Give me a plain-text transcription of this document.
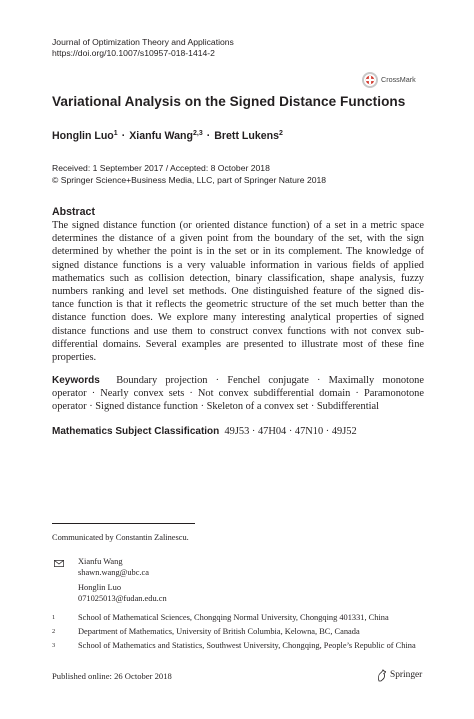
Journal of Optimization Theory and Applications
https://doi.org/10.1007/s10957-018-1414-2
CrossMark
Variational Analysis on the Signed Distance Functions
Honglin Luo$^1$ · Xianfu Wang$^{2,3}$ · Brett Lukens$^2$
Received: 1 September 2017 / Accepted: 8 October 2018
© Springer Science+Business Media, LLC, part of Springer Nature 2018
Abstract
The signed distance function (or oriented distance function) of a set in a metric space
determines the distance of a given point from the boundary of the set, with the sign
determined by whether the point is in the set or in its complement. The knowledge of
signed distance functions is a very valuable information in various fields of applied
mathematics such as collision detection, binary classification, shape analysis, fuzzy
numbers ranking and level set methods. One distinguished feature of the signed dis-
tance function is that it reflects the geometric structure of the set much better than the
distance function does. We explore many interesting analytical properties of signed
distance functions and use them to construct convex functions with not convex sub-
differential domains. Several examples are presented to illustrate most of these fine
properties.
Keywords Boundary projection · Fenchel conjugate · Maximally monotone
operator · Nearly convex sets · Not convex subdifferential domain · Paramonotone
operator · Signed distance function · Skeleton of a convex set · Subdifferential
Mathematics Subject Classification 49J53 · 47H04 · 47N10 · 49J52
Communicated by Constantin Zalinescu.
Xianfu Wang
shawn.wang@ubc.ca
Honglin Luo
071025013@fudan.edu.cn
1	School of Mathematical Sciences, Chongqing Normal University, Chongqing 401331, China
2	Department of Mathematics, University of British Columbia, Kelowna, BC, Canada
3	School of Mathematics and Statistics, Southwest University, Chongqing, People’s Republic of China
Published online: 26 October 2018	Springer
